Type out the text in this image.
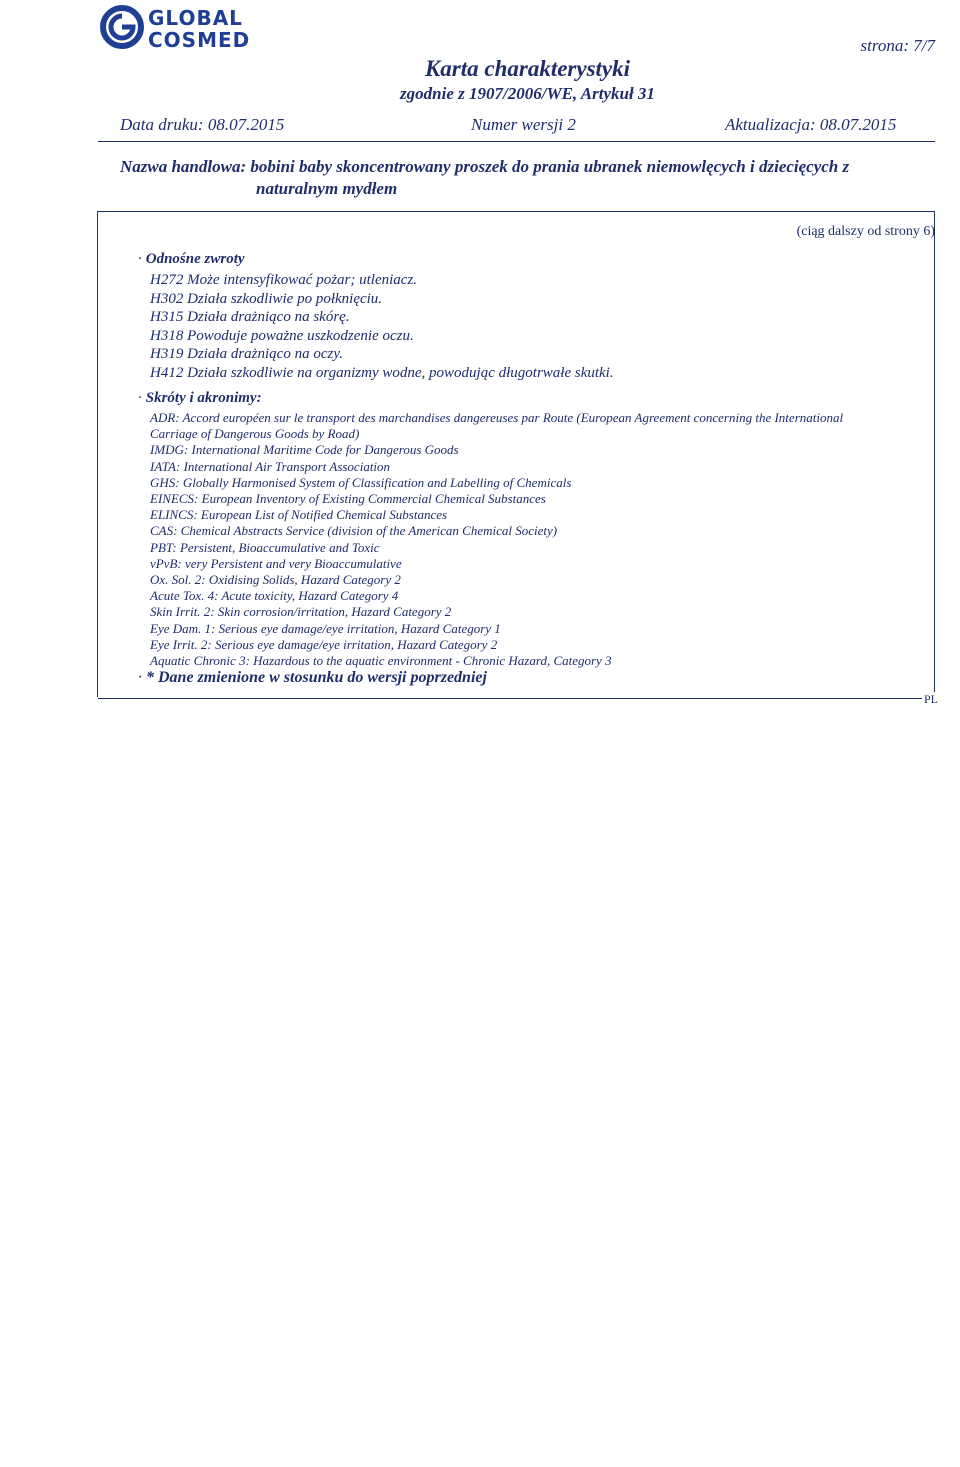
GLOBAL
COSMED	strona: 7/7
Karta charakterystyki
zgodnie z 1907/2006/WE, Artykuł 31
Data druku: 08.07.2015	Numer wersji 2	Aktualizacja: 08.07.2015
Nazwa handlowa: bobini baby skoncentrowany proszek do prania ubranek niemowlęcych i dziecięcych z
naturalnym mydłem
(ciąg dalszy od strony 6)
· Odnośne zwroty
H272 Może intensyfikować pożar; utleniacz.
H302 Działa szkodliwie po połknięciu.
H315 Działa drażniąco na skórę.
H318 Powoduje poważne uszkodzenie oczu.
H319 Działa drażniąco na oczy.
H412 Działa szkodliwie na organizmy wodne, powodując długotrwałe skutki.
· Skróty i akronimy:
ADR: Accord européen sur le transport des marchandises dangereuses par Route (European Agreement concerning the International
Carriage of Dangerous Goods by Road)
IMDG: International Maritime Code for Dangerous Goods
IATA: International Air Transport Association
GHS: Globally Harmonised System of Classification and Labelling of Chemicals
EINECS: European Inventory of Existing Commercial Chemical Substances
ELINCS: European List of Notified Chemical Substances
CAS: Chemical Abstracts Service (division of the American Chemical Society)
PBT: Persistent, Bioaccumulative and Toxic
vPvB: very Persistent and very Bioaccumulative
Ox. Sol. 2: Oxidising Solids, Hazard Category 2
Acute Tox. 4: Acute toxicity, Hazard Category 4
Skin Irrit. 2: Skin corrosion/irritation, Hazard Category 2
Eye Dam. 1: Serious eye damage/eye irritation, Hazard Category 1
Eye Irrit. 2: Serious eye damage/eye irritation, Hazard Category 2
Aquatic Chronic 3: Hazardous to the aquatic environment - Chronic Hazard, Category 3
· * Dane zmienione w stosunku do wersji poprzedniej
PL
